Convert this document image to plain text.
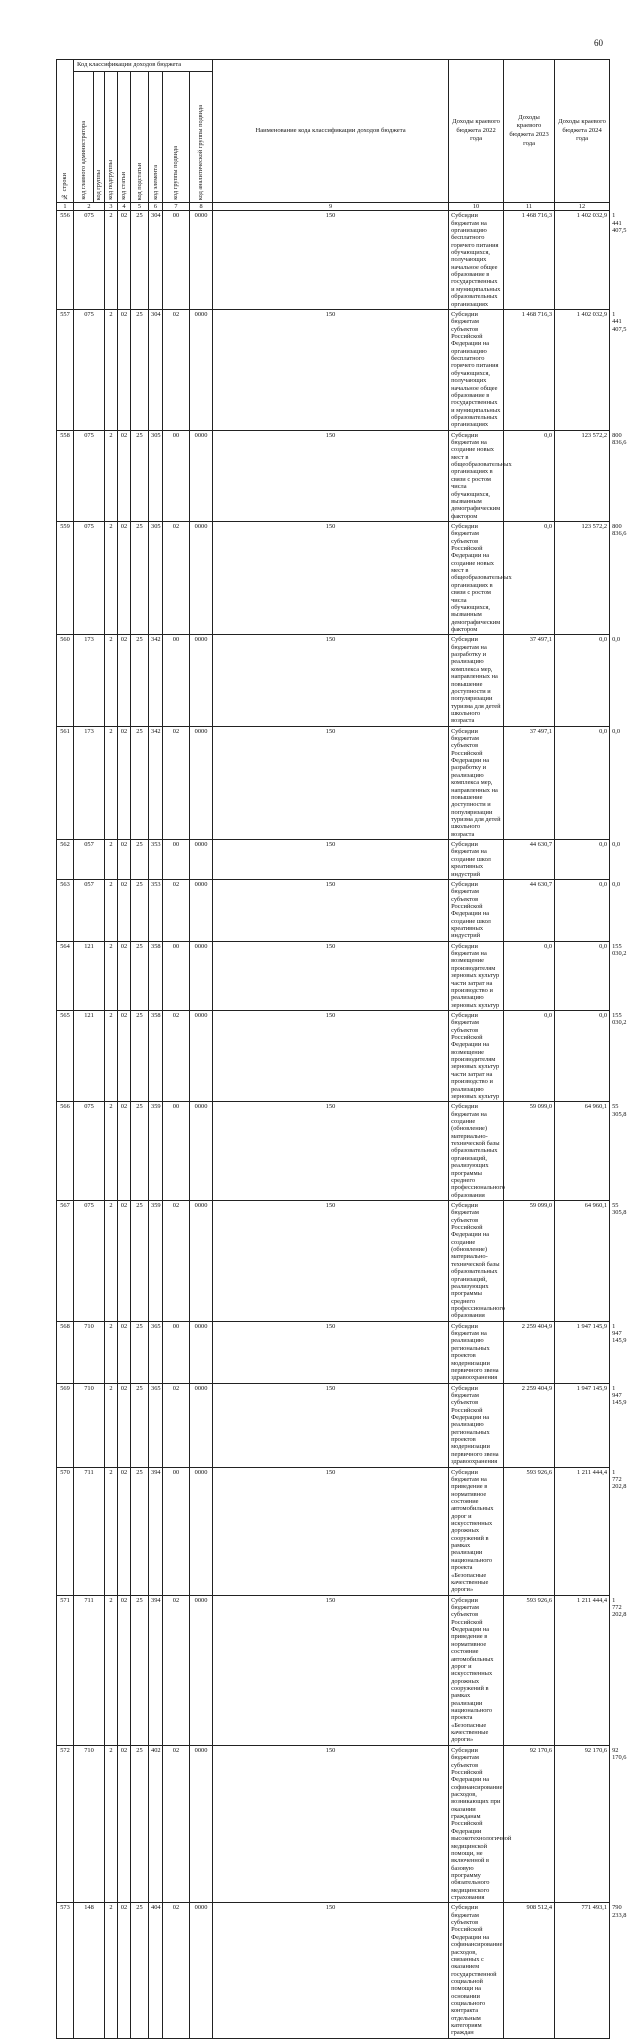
60
№ строки	Код классификации доходов бюджета								Наименование кода классификации доходов бюджета	Доходы краевого бюджета 2022 года	Доходы краевого бюджета 2023 года	Доходы краевого бюджета 2024 года	

	код главного администратора	код группы	код подгруппы	код статьи	код подстатьи	код элемента	код группы подвида	код аналитической группы подвида					

1	2		3	4	5	6	7	8	9	10	11	12	
556	075		2	02	25	304	00	0000	150	Субсидии бюджетам на организацию бесплатного горячего питания обучающихся, получающих начальное общее образование в государственных и муниципальных образовательных организациях	1 468 716,3	1 402 032,9	1 441 407,5
557	075		2	02	25	304	02	0000	150	Субсидии бюджетам субъектов Российской Федерации на организацию бесплатного горячего питания обучающихся, получающих начальное общее образование в государственных и муниципальных образовательных организациях	1 468 716,3	1 402 032,9	1 441 407,5
558	075		2	02	25	305	00	0000	150	Субсидии бюджетам на создание новых мест в общеобразовательных организациях в связи с ростом числа обучающихся, вызванным демографическим фактором	0,0	123 572,2	800 836,6
559	075		2	02	25	305	02	0000	150	Субсидии бюджетам субъектов Российской Федерации на создание новых мест в общеобразовательных организациях в связи с ростом числа обучающихся, вызванным демографическим фактором	0,0	123 572,2	800 836,6
560	173		2	02	25	342	00	0000	150	Субсидии бюджетам на разработку и реализацию комплекса мер, направленных на повышение доступности и популяризации туризма для детей школьного возраста	37 497,1	0,0	0,0
561	173		2	02	25	342	02	0000	150	Субсидии бюджетам субъектов Российской Федерации на разработку и реализацию комплекса мер, направленных на повышение доступности и популяризации туризма для детей школьного возраста	37 497,1	0,0	0,0
562	057		2	02	25	353	00	0000	150	Субсидии бюджетам на создание школ креативных индустрий	44 630,7	0,0	0,0
563	057		2	02	25	353	02	0000	150	Субсидии бюджетам субъектов Российской Федерации на создание школ креативных индустрий	44 630,7	0,0	0,0
564	121		2	02	25	358	00	0000	150	Субсидии бюджетам на возмещение производителям зерновых культур части затрат на производство и реализацию зерновых культур	0,0	0,0	155 030,2
565	121		2	02	25	358	02	0000	150	Субсидии бюджетам субъектов Российской Федерации на возмещение производителям зерновых культур части затрат на производство и реализацию зерновых культур	0,0	0,0	155 030,2
566	075		2	02	25	359	00	0000	150	Субсидии бюджетам на создание (обновление) материально-технической базы образовательных организаций, реализующих программы среднего профессионального образования	59 099,0	64 960,1	55 305,8
567	075		2	02	25	359	02	0000	150	Субсидии бюджетам субъектов Российской Федерации на создание (обновление) материально-технической базы образовательных организаций, реализующих программы среднего профессионального образования	59 099,0	64 960,1	55 305,8
568	710		2	02	25	365	00	0000	150	Субсидии бюджетам на реализацию региональных проектов модернизации первичного звена здравоохранения	2 259 404,9	1 947 145,9	1 947 145,9
569	710		2	02	25	365	02	0000	150	Субсидии бюджетам субъектов Российской Федерации на реализацию региональных проектов модернизации первичного звена здравоохранения	2 259 404,9	1 947 145,9	1 947 145,9
570	711		2	02	25	394	00	0000	150	Субсидии бюджетам на приведение в нормативное состояние автомобильных дорог и искусственных дорожных сооружений в рамках реализации национального проекта «Безопасные качественные дороги»	593 926,6	1 211 444,4	1 772 202,8
571	711		2	02	25	394	02	0000	150	Субсидии бюджетам субъектов Российской Федерации на приведение в нормативное состояние автомобильных дорог и искусственных дорожных сооружений в рамках реализации национального проекта «Безопасные качественные дороги»	593 926,6	1 211 444,4	1 772 202,8
572	710		2	02	25	402	02	0000	150	Субсидии бюджетам субъектов Российской Федерации на софинансирование расходов, возникающих при оказании гражданам Российской Федерации высокотехнологичной медицинской помощи, не включенной в базовую программу обязательного медицинского страхования	92 170,6	92 170,6	92 170,6
573	148		2	02	25	404	02	0000	150	Субсидии бюджетам субъектов Российской Федерации на софинансирование расходов, связанных с оказанием государственной социальной помощи на основании социального контракта отдельным категориям граждан	908 512,4	771 493,1	790 233,8
